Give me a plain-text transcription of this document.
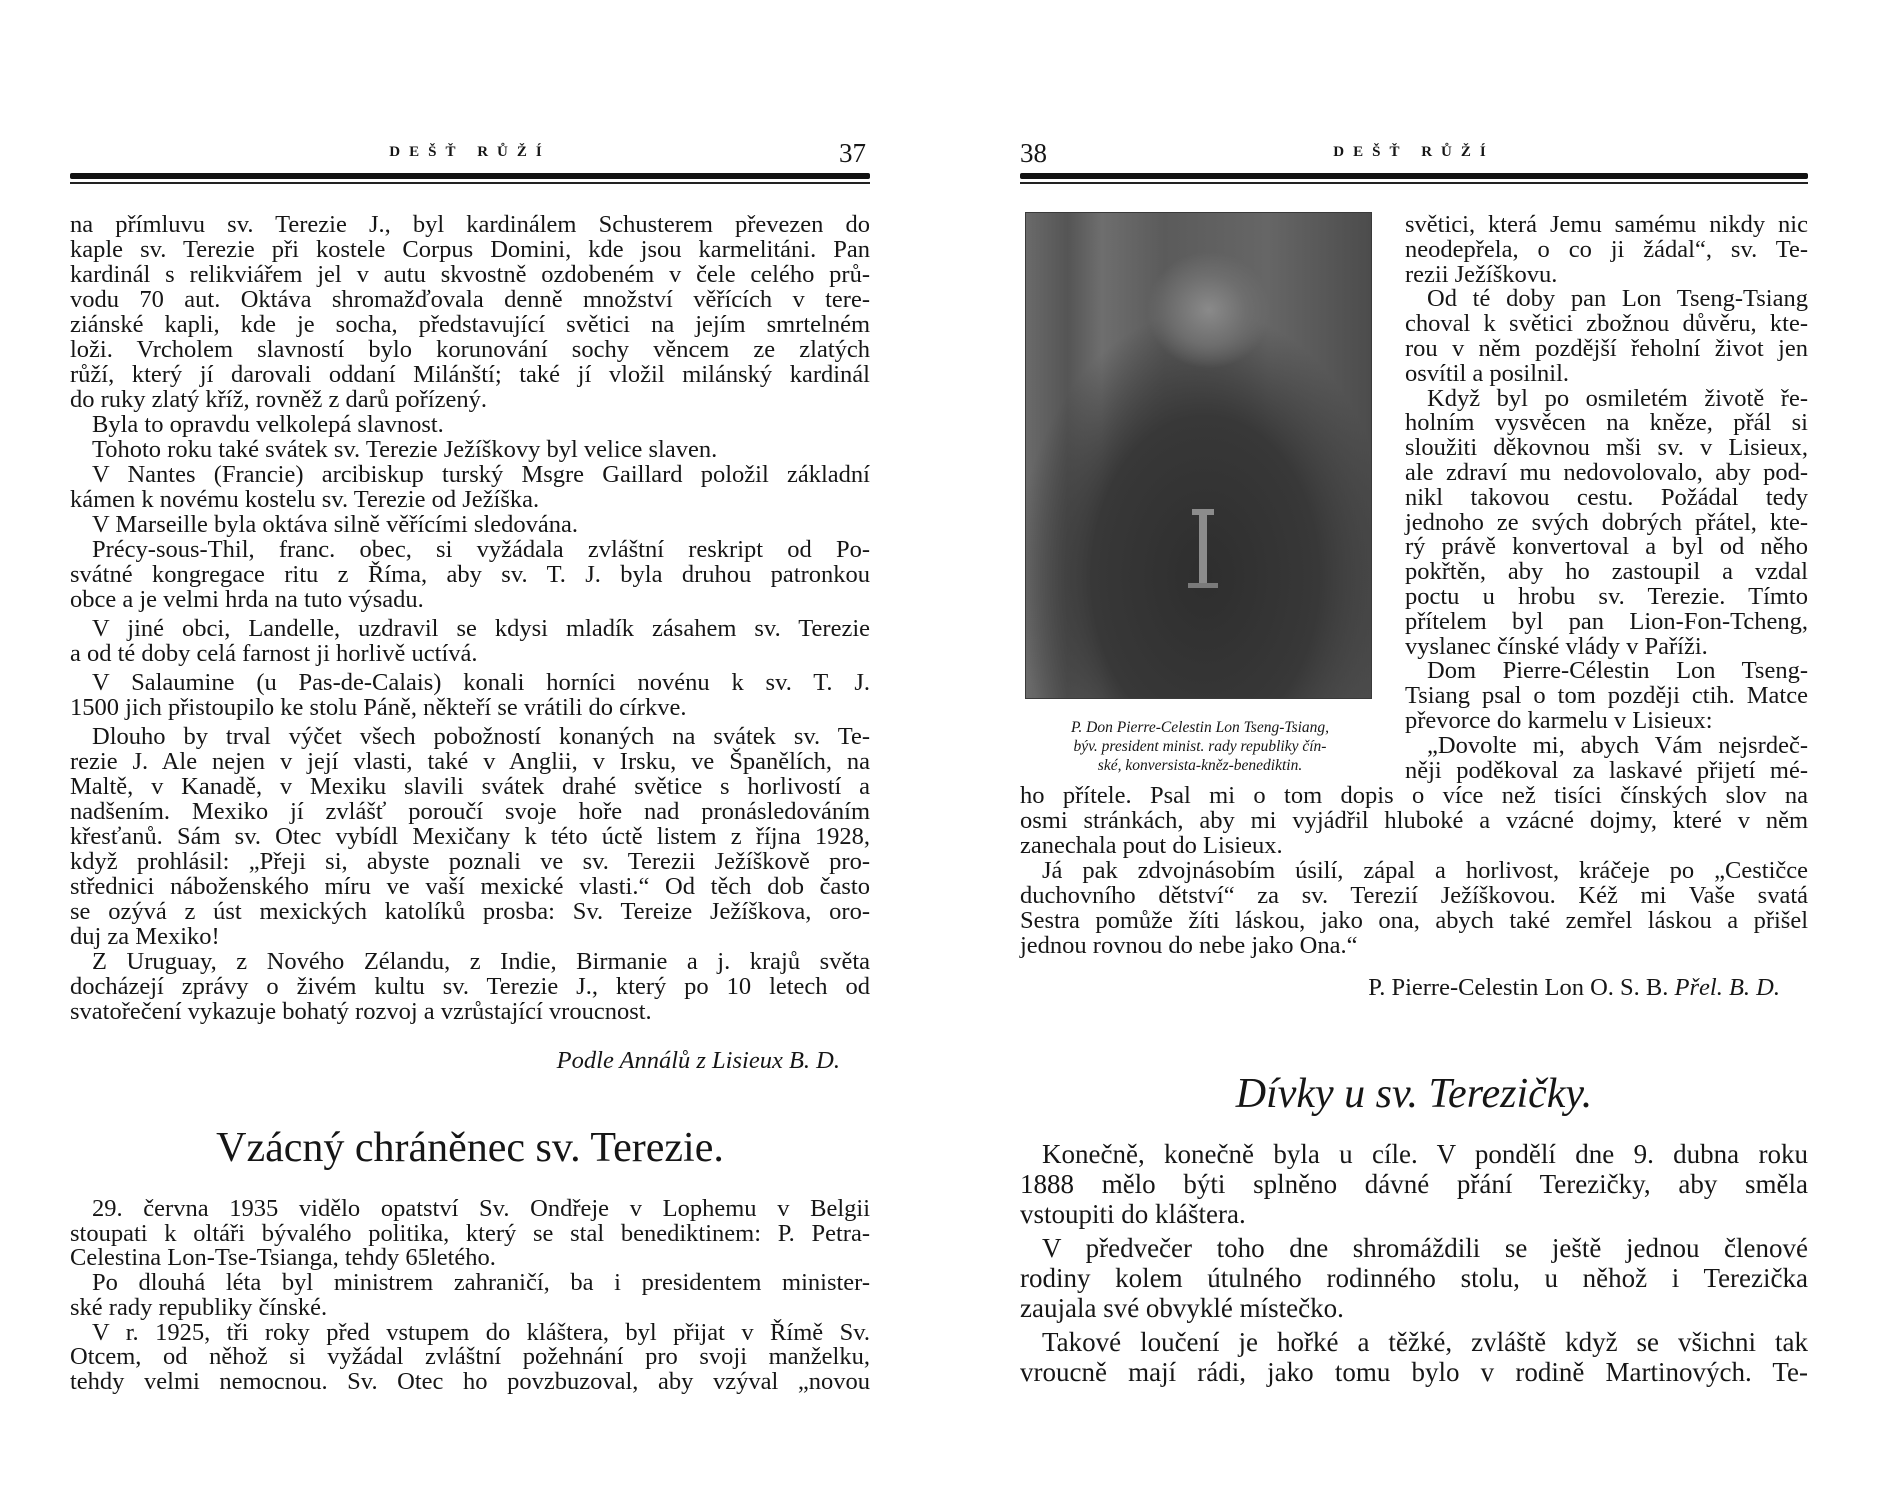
DEŠŤ RŮŽÍ	37
na přímluvu sv. Terezie J., byl kardinálem Schusterem převezen do
kaple sv. Terezie při kostele Corpus Domini, kde jsou karmelitáni. Pan
kardinál s relikviářem jel v autu skvostně ozdobeném v čele celého prů-
vodu 70 aut. Oktáva shromažďovala denně množství věřících v tere-
ziánské kapli, kde je socha, představující světici na jejím smrtelném
loži. Vrcholem slavností bylo korunování sochy věncem ze zlatých
růží, který jí darovali oddaní Milánští; také jí vložil milánský kardinál
do ruky zlatý kříž, rovněž z darů pořízený.
Byla to opravdu velkolepá slavnost.
Tohoto roku také svátek sv. Terezie Ježíškovy byl velice slaven.
V Nantes (Francie) arcibiskup turský Msgre Gaillard položil základní
kámen k novému kostelu sv. Terezie od Ježíška.
V Marseille byla oktáva silně věřícími sledována.
Précy-sous-Thil, franc. obec, si vyžádala zvláštní reskript od Po-
svátné kongregace ritu z Říma, aby sv. T. J. byla druhou patronkou
obce a je velmi hrda na tuto výsadu.
V jiné obci, Landelle, uzdravil se kdysi mladík zásahem sv. Terezie
a od té doby celá farnost ji horlivě uctívá.
V Salaumine (u Pas-de-Calais) konali horníci novénu k sv. T. J.
1500 jich přistoupilo ke stolu Páně, někteří se vrátili do církve.
Dlouho by trval výčet všech pobožností konaných na svátek sv. Te-
rezie J. Ale nejen v její vlasti, také v Anglii, v Irsku, ve Španělích, na
Maltě, v Kanadě, v Mexiku slavili svátek drahé světice s horlivostí a
nadšením. Mexiko jí zvlášť poroučí svoje hoře nad pronásledováním
křesťanů. Sám sv. Otec vybídl Mexičany k této úctě listem z října 1928,
když prohlásil: „Přeji si, abyste poznali ve sv. Terezii Ježíškově pro-
střednici náboženského míru ve vaší mexické vlasti.“ Od těch dob často
se ozývá z úst mexických katolíků prosba: Sv. Tereize Ježíškova, oro-
duj za Mexiko!
Z Uruguay, z Nového Zélandu, z Indie, Birmanie a j. krajů světa
docházejí zprávy o živém kultu sv. Terezie J., který po 10 letech od
svatořečení vykazuje bohatý rozvoj a vzrůstající vroucnost.
Podle Annálů z Lisieux B. D.
Vzácný chráněnec sv. Terezie.
29. června 1935 vidělo opatství Sv. Ondřeje v Lophemu v Belgii
stoupati k oltáři bývalého politika, který se stal benediktinem: P. Petra-
Celestina Lon-Tse-Tsianga, tehdy 65letého.
Po dlouhá léta byl ministrem zahraničí, ba i presidentem minister-
ské rady republiky čínské.
V r. 1925, tři roky před vstupem do kláštera, byl přijat v Římě Sv.
Otcem, od něhož si vyžádal zvláštní požehnání pro svoji manželku,
tehdy velmi nemocnou. Sv. Otec ho povzbuzoval, aby vzýval „novou
38	DEŠŤ RŮŽÍ
P. Don Pierre-Celestin Lon Tseng-Tsiang,
býv. president minist. rady republiky čín-
ské, konversista-kněz-benediktin.
světici, která Jemu samému nikdy nic
neodepřela, o co ji žádal“, sv. Te-
rezii Ježíškovu.
Od té doby pan Lon Tseng-Tsiang
choval k světici zbožnou důvěru, kte-
rou v něm pozdější řeholní život jen
osvítil a posilnil.
Když byl po osmiletém životě ře-
holním vysvěcen na kněze, přál si
sloužiti děkovnou mši sv. v Lisieux,
ale zdraví mu nedovolovalo, aby pod-
nikl takovou cestu. Požádal tedy
jednoho ze svých dobrých přátel, kte-
rý právě konvertoval a byl od něho
pokřtěn, aby ho zastoupil a vzdal
poctu u hrobu sv. Terezie. Tímto
přítelem byl pan Lion-Fon-Tcheng,
vyslanec čínské vlády v Paříži.
Dom Pierre-Célestin Lon Tseng-
Tsiang psal o tom později ctih. Matce
převorce do karmelu v Lisieux:
„Dovolte mi, abych Vám nejsrdeč-
něji poděkoval za laskavé přijetí mé-
ho přítele. Psal mi o tom dopis o více než tisíci čínských slov na
osmi stránkách, aby mi vyjádřil hluboké a vzácné dojmy, které v něm
zanechala pout do Lisieux.
Já pak zdvojnásobím úsilí, zápal a horlivost, kráčeje po „Cestičce
duchovního dětství“ za sv. Terezií Ježíškovou. Kéž mi Vaše svatá
Sestra pomůže žíti láskou, jako ona, abych také zemřel láskou a přišel
jednou rovnou do nebe jako Ona.“
P. Pierre-Celestin Lon O. S. B. Přel. B. D.
Dívky u sv. Terezičky.
Konečně, konečně byla u cíle. V pondělí dne 9. dubna roku
1888 mělo býti splněno dávné přání Terezičky, aby směla
vstoupiti do kláštera.
V předvečer toho dne shromáždili se ještě jednou členové
rodiny kolem útulného rodinného stolu, u něhož i Terezička
zaujala své obvyklé místečko.
Takové loučení je hořké a těžké, zvláště když se všichni tak
vroucně mají rádi, jako tomu bylo v rodině Martinových. Te-
